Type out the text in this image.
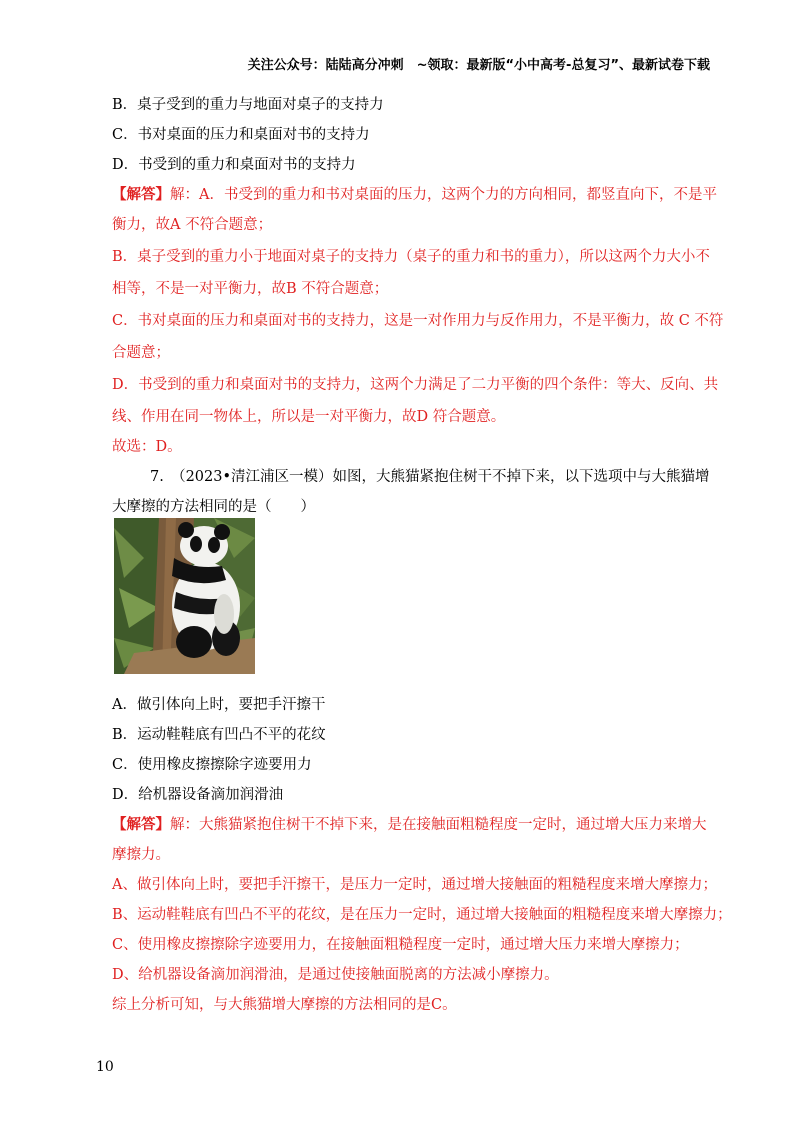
关注公众号：陆陆高分冲刺　~领取：最新版“小中高考-总复习”、最新试卷下载
B．桌子受到的重力与地面对桌子的支持力
C．书对桌面的压力和桌面对书的支持力
D．书受到的重力和桌面对书的支持力
【解答】解：A．书受到的重力和书对桌面的压力，这两个力的方向相同，都竖直向下，不是平
衡力，故A 不符合题意；
B．桌子受到的重力小于地面对桌子的支持力（桌子的重力和书的重力），所以这两个力大小不
相等，不是一对平衡力，故B 不符合题意；
C．书对桌面的压力和桌面对书的支持力，这是一对作用力与反作用力，不是平衡力，故 C 不符
合题意；
D．书受到的重力和桌面对书的支持力，这两个力满足了二力平衡的四个条件：等大、反向、共
线、作用在同一物体上，所以是一对平衡力，故D 符合题意。
故选：D。
7.　（2023•清江浦区一模）如图，大熊猫紧抱住树干不掉下来，以下选项中与大熊猫增
大摩擦的方法相同的是（　　）
A．做引体向上时，要把手汗擦干
B．运动鞋鞋底有凹凸不平的花纹
C．使用橡皮擦擦除字迹要用力
D．给机器设备滴加润滑油
【解答】解：大熊猫紧抱住树干不掉下来，是在接触面粗糙程度一定时，通过增大压力来增大
摩擦力。
A、做引体向上时，要把手汗擦干，是压力一定时，通过增大接触面的粗糙程度来增大摩擦力；
B、运动鞋鞋底有凹凸不平的花纹，是在压力一定时，通过增大接触面的粗糙程度来增大摩擦力；
C、使用橡皮擦擦除字迹要用力，在接触面粗糙程度一定时，通过增大压力来增大摩擦力；
D、给机器设备滴加润滑油，是通过使接触面脱离的方法减小摩擦力。
综上分析可知，与大熊猫增大摩擦的方法相同的是C。
10
